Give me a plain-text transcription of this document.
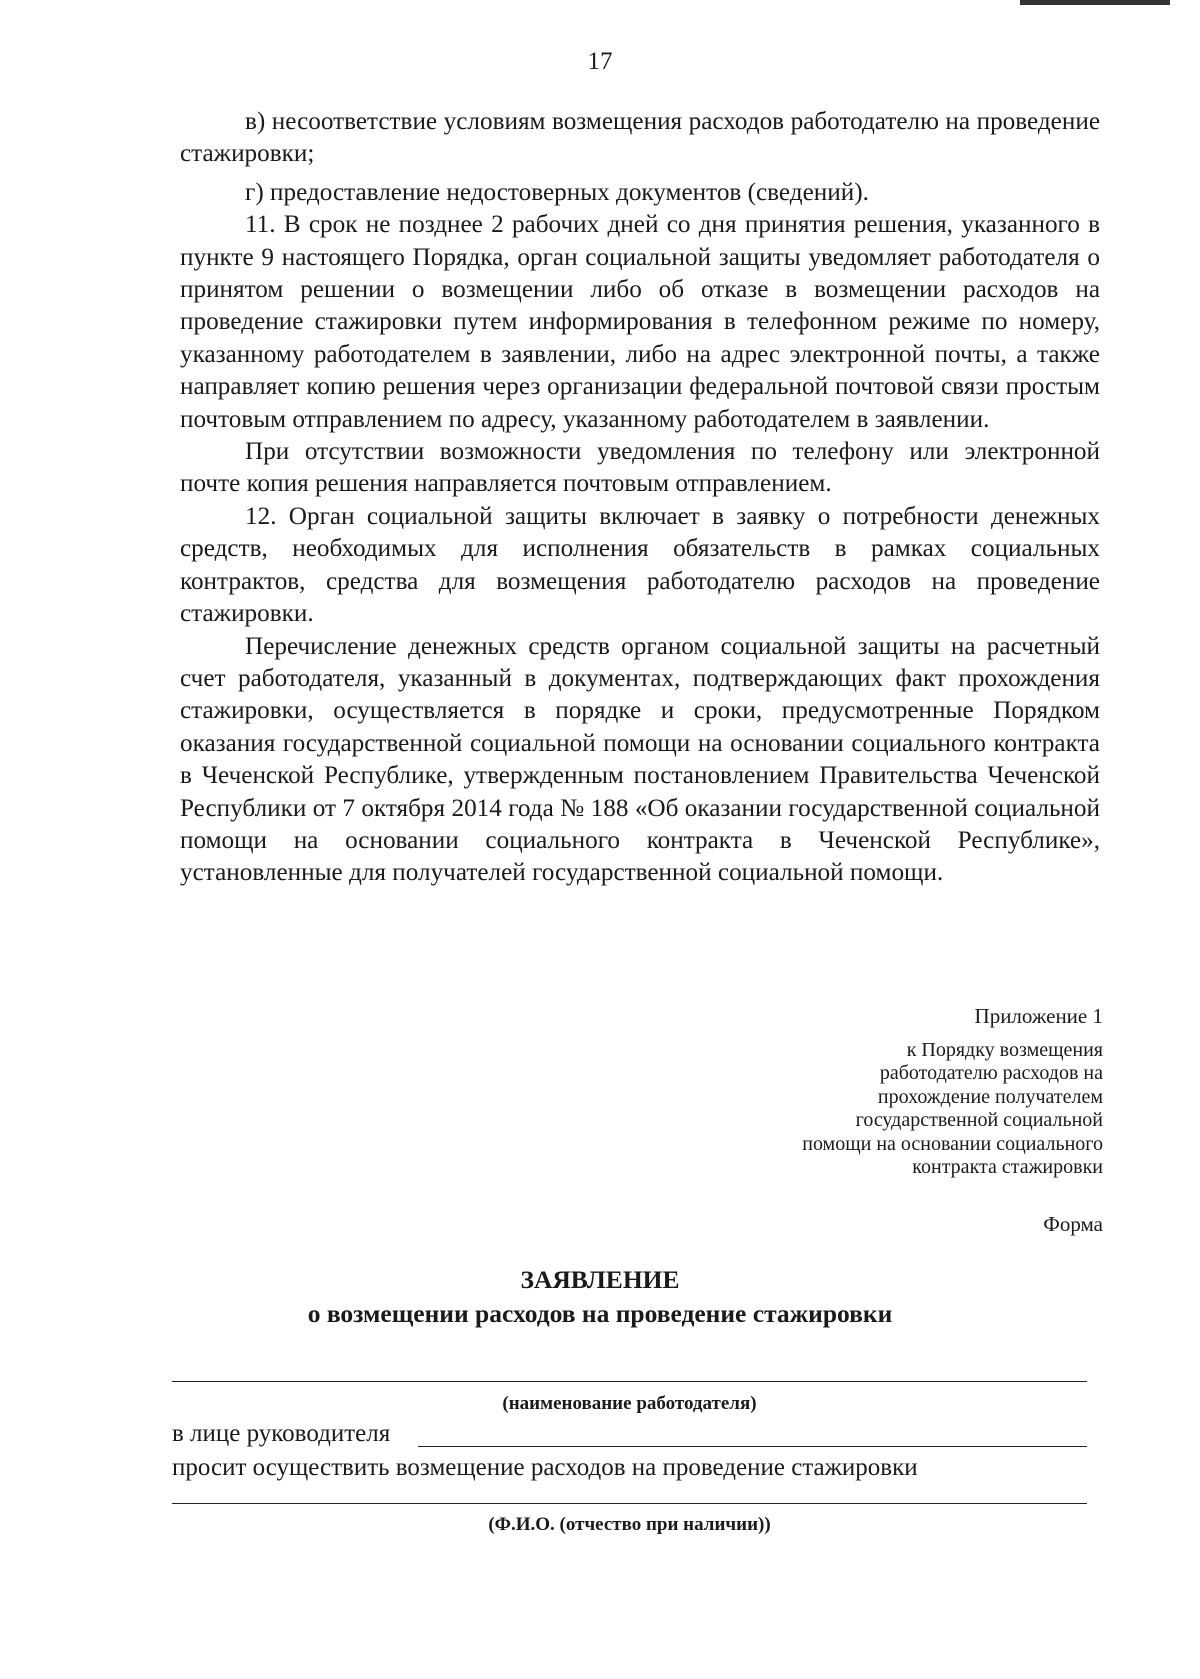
17

в) несоответствие условиям возмещения расходов работодателю на проведение стажировки;

г) предоставление недостоверных документов (сведений).

11. В срок не позднее 2 рабочих дней со дня принятия решения, указанного в пункте 9 настоящего Порядка, орган социальной защиты уведомляет работодателя о принятом решении о возмещении либо об отказе в возмещении расходов на проведение стажировки путем информирования в телефонном режиме по номеру, указанному работодателем в заявлении, либо на адрес электронной почты, а также направляет копию решения через организации федеральной почтовой связи простым почтовым отправлением по адресу, указанному работодателем в заявлении.

При отсутствии возможности уведомления по телефону или электронной почте копия решения направляется почтовым отправлением.

12. Орган социальной защиты включает в заявку о потребности денежных средств, необходимых для исполнения обязательств в рамках социальных контрактов, средства для возмещения работодателю расходов на проведение стажировки.

Перечисление денежных средств органом социальной защиты на расчетный счет работодателя, указанный в документах, подтверждающих факт прохождения стажировки, осуществляется в порядке и сроки, предусмотренные Порядком оказания государственной социальной помощи на основании социального контракта в Чеченской Республике, утвержденным постановлением Правительства Чеченской Республики от 7 октября 2014 года № 188 «Об оказании государственной социальной помощи на основании социального контракта в Чеченской Республике», установленные для получателей государственной социальной помощи.

Приложение 1
к Порядку возмещения
работодателю расходов на
прохождение получателем
государственной социальной
помощи на основании социального
контракта стажировки
Форма
ЗАЯВЛЕНИЕ
о возмещении расходов на проведение стажировки
(наименование работодателя)
в лице руководителя
просит осуществить возмещение расходов на проведение стажировки
(Ф.И.О. (отчество при наличии))
